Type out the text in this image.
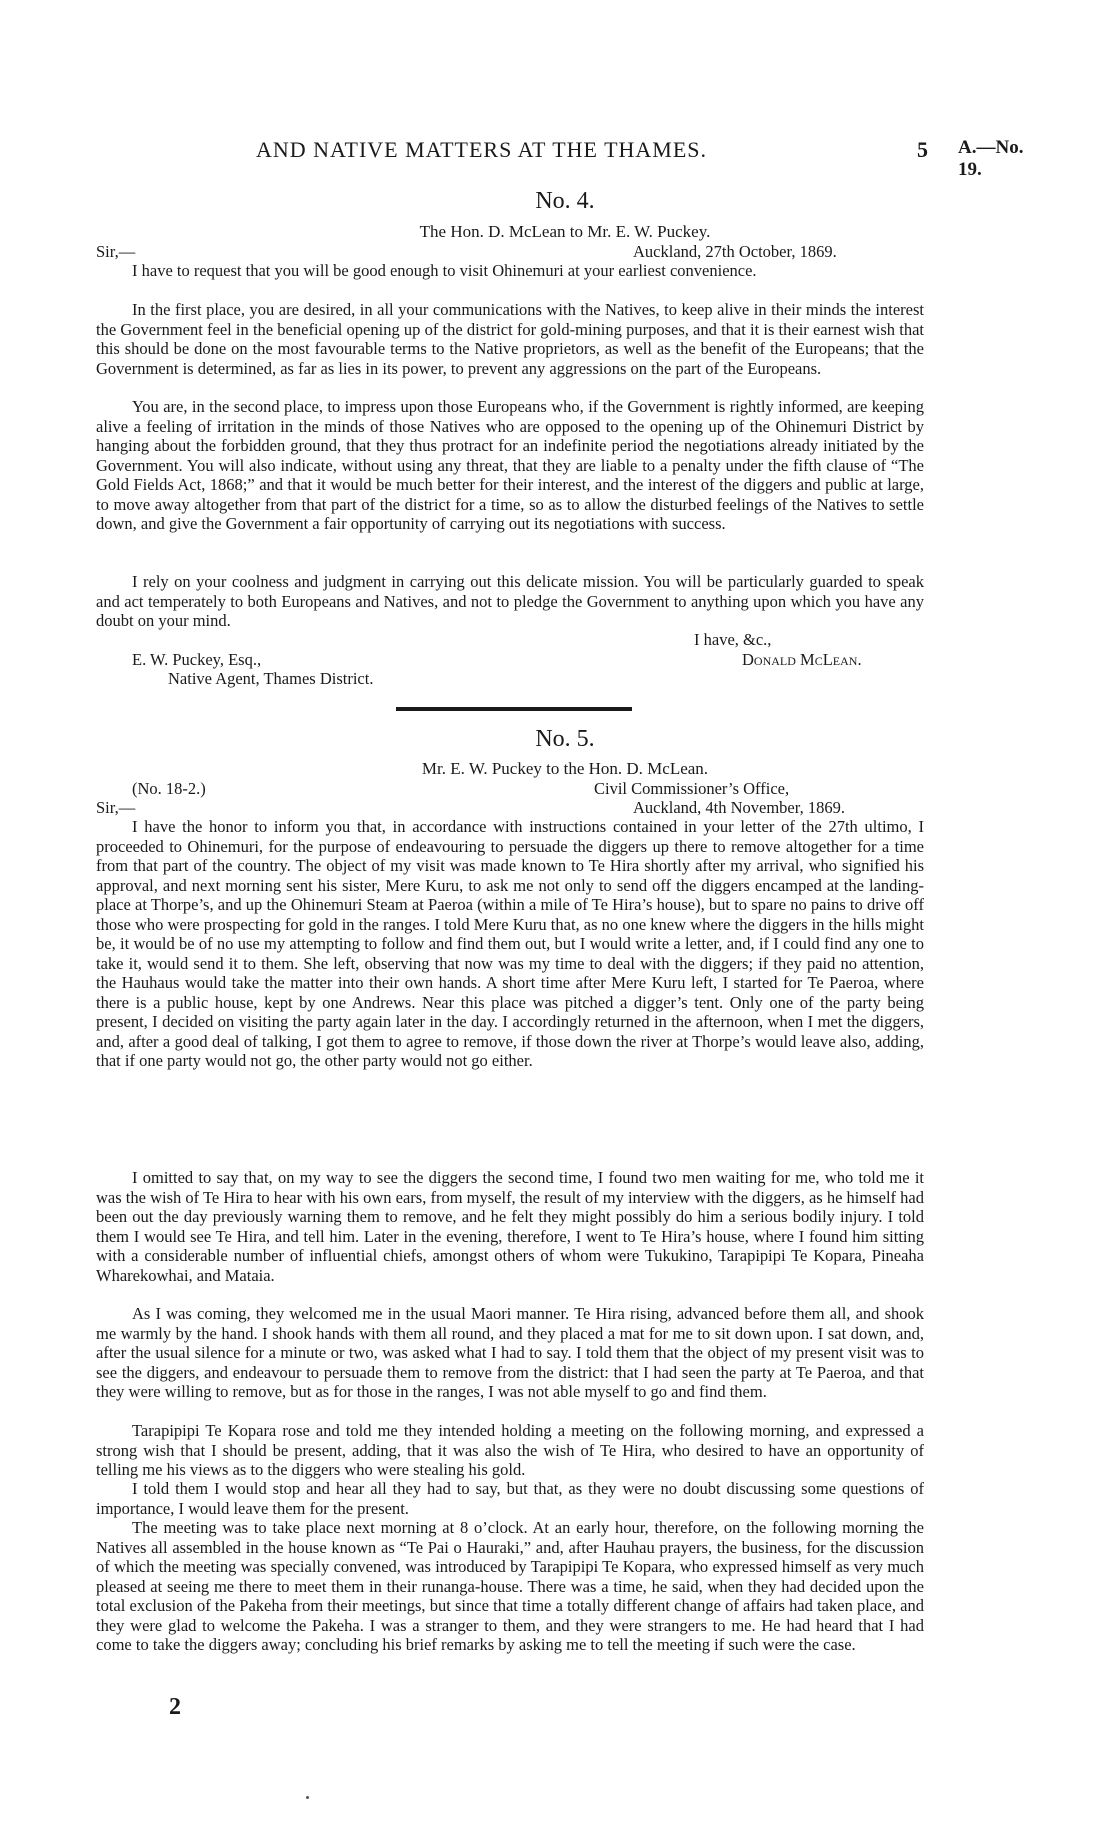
AND NATIVE MATTERS AT THE THAMES.	5 A.—No. 19.
No. 4.
The Hon. D. McLean to Mr. E. W. Puckey.
Sir,—	Auckland, 27th October, 1869.

I have to request that you will be good enough to visit Ohinemuri at your earliest convenience.

In the first place, you are desired, in all your communications with the Natives, to keep alive in their minds the interest the Government feel in the beneficial opening up of the district for gold-mining purposes, and that it is their earnest wish that this should be done on the most favourable terms to the Native proprietors, as well as the benefit of the Europeans; that the Government is determined, as far as lies in its power, to prevent any aggressions on the part of the Europeans.

You are, in the second place, to impress upon those Europeans who, if the Government is rightly informed, are keeping alive a feeling of irritation in the minds of those Natives who are opposed to the opening up of the Ohinemuri District by hanging about the forbidden ground, that they thus protract for an indefinite period the negotiations already initiated by the Government. You will also indicate, without using any threat, that they are liable to a penalty under the fifth clause of “The Gold Fields Act, 1868;” and that it would be much better for their interest, and the interest of the diggers and public at large, to move away altogether from that part of the district for a time, so as to allow the disturbed feelings of the Natives to settle down, and give the Government a fair opportunity of carrying out its negotiations with success.

I rely on your coolness and judgment in carrying out this delicate mission. You will be particularly guarded to speak and act temperately to both Europeans and Natives, and not to pledge the Government to anything upon which you have any doubt on your mind.

I have, &c.,
Donald McLean.
E. W. Puckey, Esq.,
Native Agent, Thames District.
No. 5.
Mr. E. W. Puckey to the Hon. D. McLean.
(No. 18-2.)	Civil Commissioner’s Office,
Sir,—	Auckland, 4th November, 1869.

I have the honor to inform you that, in accordance with instructions contained in your letter of the 27th ultimo, I proceeded to Ohinemuri, for the purpose of endeavouring to persuade the diggers up there to remove altogether for a time from that part of the country. The object of my visit was made known to Te Hira shortly after my arrival, who signified his approval, and next morning sent his sister, Mere Kuru, to ask me not only to send off the diggers encamped at the landing-place at Thorpe’s, and up the Ohinemuri Steam at Paeroa (within a mile of Te Hira’s house), but to spare no pains to drive off those who were prospecting for gold in the ranges. I told Mere Kuru that, as no one knew where the diggers in the hills might be, it would be of no use my attempting to follow and find them out, but I would write a letter, and, if I could find any one to take it, would send it to them. She left, observing that now was my time to deal with the diggers; if they paid no attention, the Hauhaus would take the matter into their own hands. A short time after Mere Kuru left, I started for Te Paeroa, where there is a public house, kept by one Andrews. Near this place was pitched a digger’s tent. Only one of the party being present, I decided on visiting the party again later in the day. I accordingly returned in the afternoon, when I met the diggers, and, after a good deal of talking, I got them to agree to remove, if those down the river at Thorpe’s would leave also, adding, that if one party would not go, the other party would not go either.

I omitted to say that, on my way to see the diggers the second time, I found two men waiting for me, who told me it was the wish of Te Hira to hear with his own ears, from myself, the result of my interview with the diggers, as he himself had been out the day previously warning them to remove, and he felt they might possibly do him a serious bodily injury. I told them I would see Te Hira, and tell him. Later in the evening, therefore, I went to Te Hira’s house, where I found him sitting with a considerable number of influential chiefs, amongst others of whom were Tukukino, Tarapipipi Te Kopara, Pineaha Wharekowhai, and Mataia.

As I was coming, they welcomed me in the usual Maori manner. Te Hira rising, advanced before them all, and shook me warmly by the hand. I shook hands with them all round, and they placed a mat for me to sit down upon. I sat down, and, after the usual silence for a minute or two, was asked what I had to say. I told them that the object of my present visit was to see the diggers, and endeavour to persuade them to remove from the district: that I had seen the party at Te Paeroa, and that they were willing to remove, but as for those in the ranges, I was not able myself to go and find them.

Tarapipipi Te Kopara rose and told me they intended holding a meeting on the following morning, and expressed a strong wish that I should be present, adding, that it was also the wish of Te Hira, who desired to have an opportunity of telling me his views as to the diggers who were stealing his gold.

I told them I would stop and hear all they had to say, but that, as they were no doubt discussing some questions of importance, I would leave them for the present.

The meeting was to take place next morning at 8 o’clock. At an early hour, therefore, on the following morning the Natives all assembled in the house known as “Te Pai o Hauraki,” and, after Hauhau prayers, the business, for the discussion of which the meeting was specially convened, was introduced by Tarapipipi Te Kopara, who expressed himself as very much pleased at seeing me there to meet them in their runanga-house. There was a time, he said, when they had decided upon the total exclusion of the Pakeha from their meetings, but since that time a totally different change of affairs had taken place, and they were glad to welcome the Pakeha. I was a stranger to them, and they were strangers to me. He had heard that I had come to take the diggers away; concluding his brief remarks by asking me to tell the meeting if such were the case.

2
